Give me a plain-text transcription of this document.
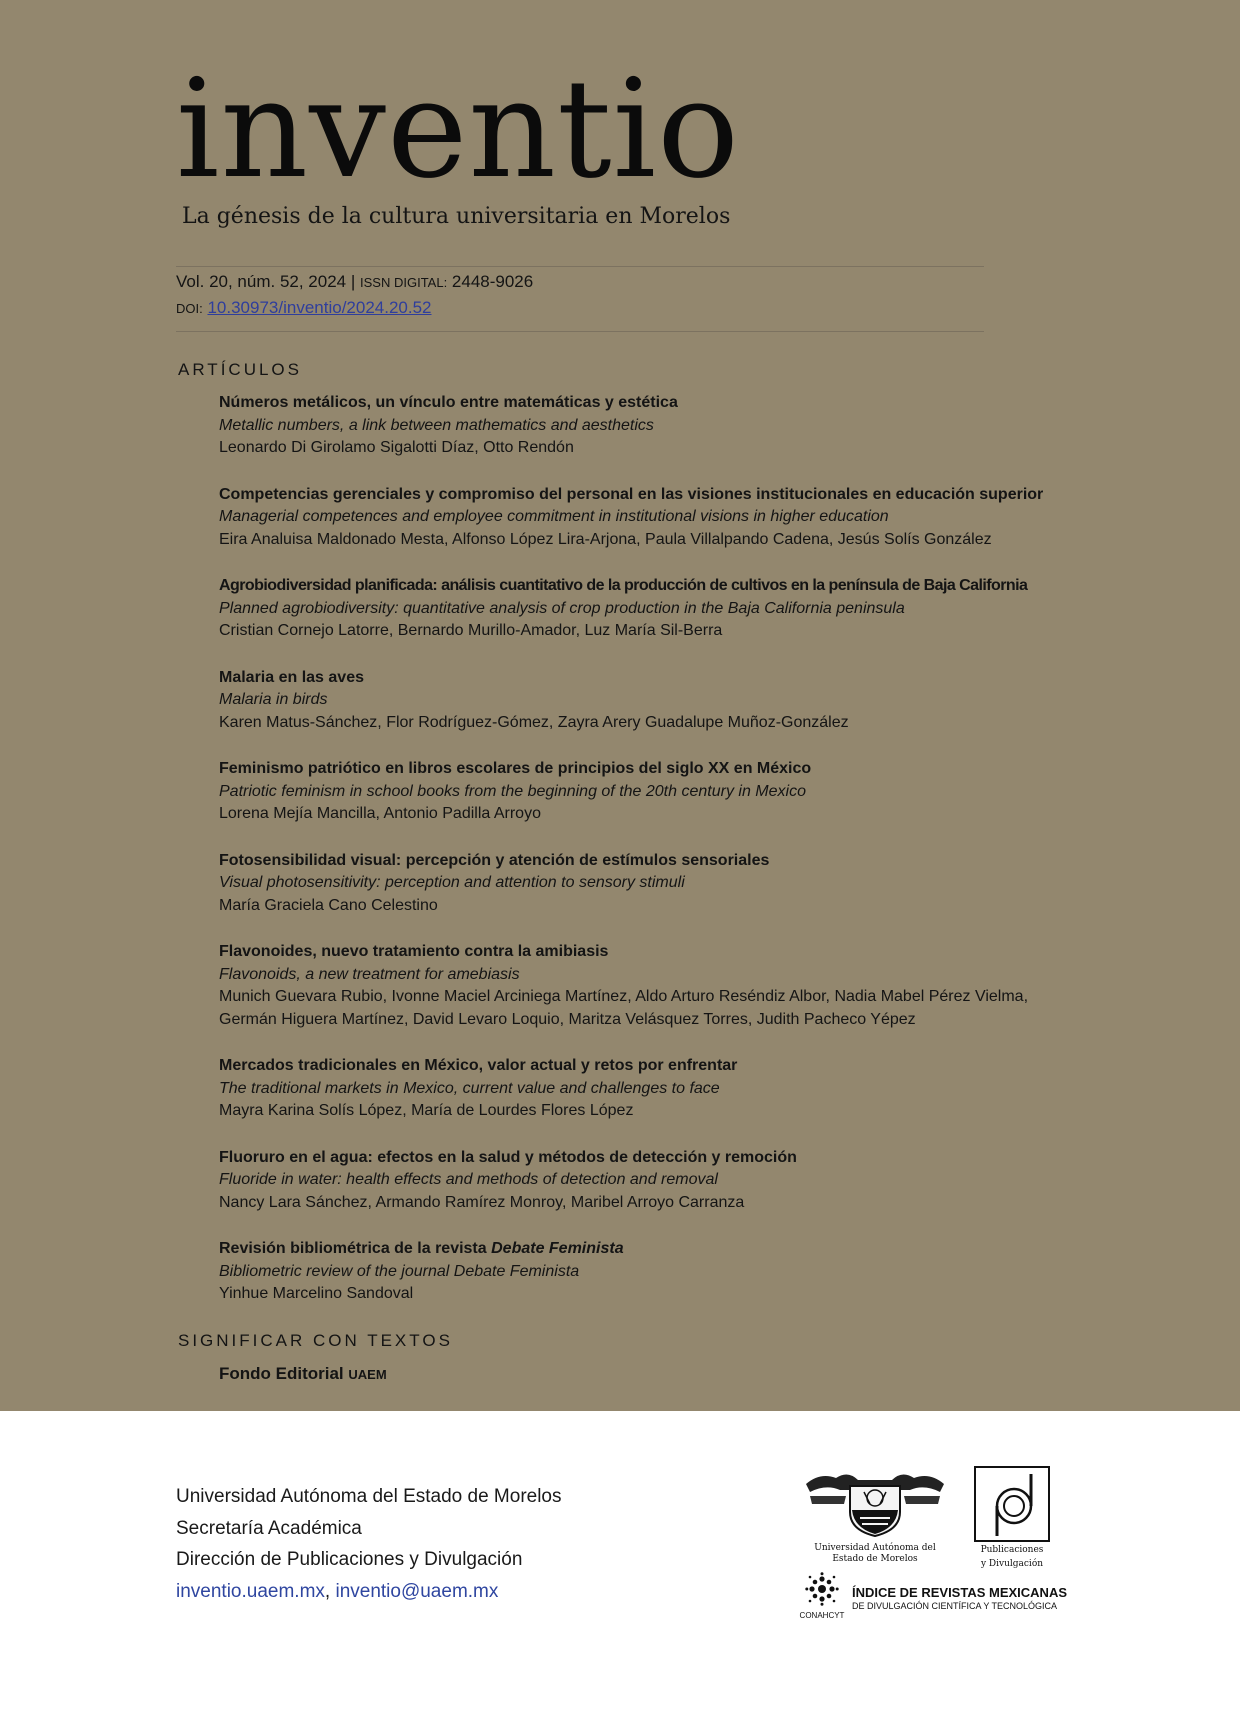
inventio
La génesis de la cultura universitaria en Morelos
Vol. 20, núm. 52, 2024 | ISSN DIGITAL: 2448-9026
DOI: 10.30973/inventio/2024.20.52
ARTÍCULOS
Números metálicos, un vínculo entre matemáticas y estética
Metallic numbers, a link between mathematics and aesthetics
Leonardo Di Girolamo Sigalotti Díaz, Otto Rendón
Competencias gerenciales y compromiso del personal en las visiones institucionales en educación superior
Managerial competences and employee commitment in institutional visions in higher education
Eira Analuisa Maldonado Mesta, Alfonso López Lira-Arjona, Paula Villalpando Cadena, Jesús Solís González
Agrobiodiversidad planificada: análisis cuantitativo de la producción de cultivos en la península de Baja California
Planned agrobiodiversity: quantitative analysis of crop production in the Baja California peninsula
Cristian Cornejo Latorre, Bernardo Murillo-Amador, Luz María Sil-Berra
Malaria en las aves
Malaria in birds
Karen Matus-Sánchez, Flor Rodríguez-Gómez, Zayra Arery Guadalupe Muñoz-González
Feminismo patriótico en libros escolares de principios del siglo XX en México
Patriotic feminism in school books from the beginning of the 20th century in Mexico
Lorena Mejía Mancilla, Antonio Padilla Arroyo
Fotosensibilidad visual: percepción y atención de estímulos sensoriales
Visual photosensitivity: perception and attention to sensory stimuli
María Graciela Cano Celestino
Flavonoides, nuevo tratamiento contra la amibiasis
Flavonoids, a new treatment for amebiasis
Munich Guevara Rubio, Ivonne Maciel Arciniega Martínez, Aldo Arturo Reséndiz Albor, Nadia Mabel Pérez Vielma,
Germán Higuera Martínez, David Levaro Loquio, Maritza Velásquez Torres, Judith Pacheco Yépez
Mercados tradicionales en México, valor actual y retos por enfrentar
The traditional markets in Mexico, current value and challenges to face
Mayra Karina Solís López, María de Lourdes Flores López
Fluoruro en el agua: efectos en la salud y métodos de detección y remoción
Fluoride in water: health effects and methods of detection and removal
Nancy Lara Sánchez, Armando Ramírez Monroy, Maribel Arroyo Carranza
Revisión bibliométrica de la revista Debate Feminista
Bibliometric review of the journal Debate Feminista
Yinhue Marcelino Sandoval
SIGNIFICAR CON TEXTOS
Fondo Editorial UAEM
Universidad Autónoma del Estado de Morelos
Secretaría Académica
Dirección de Publicaciones y Divulgación
inventio.uaem.mx, inventio@uaem.mx
Universidad Autónoma del
Estado de Morelos
Publicaciones
y Divulgación
CONAHCYT
ÍNDICE DE REVISTAS MEXICANAS
DE DIVULGACIÓN CIENTÍFICA Y TECNOLÓGICA
